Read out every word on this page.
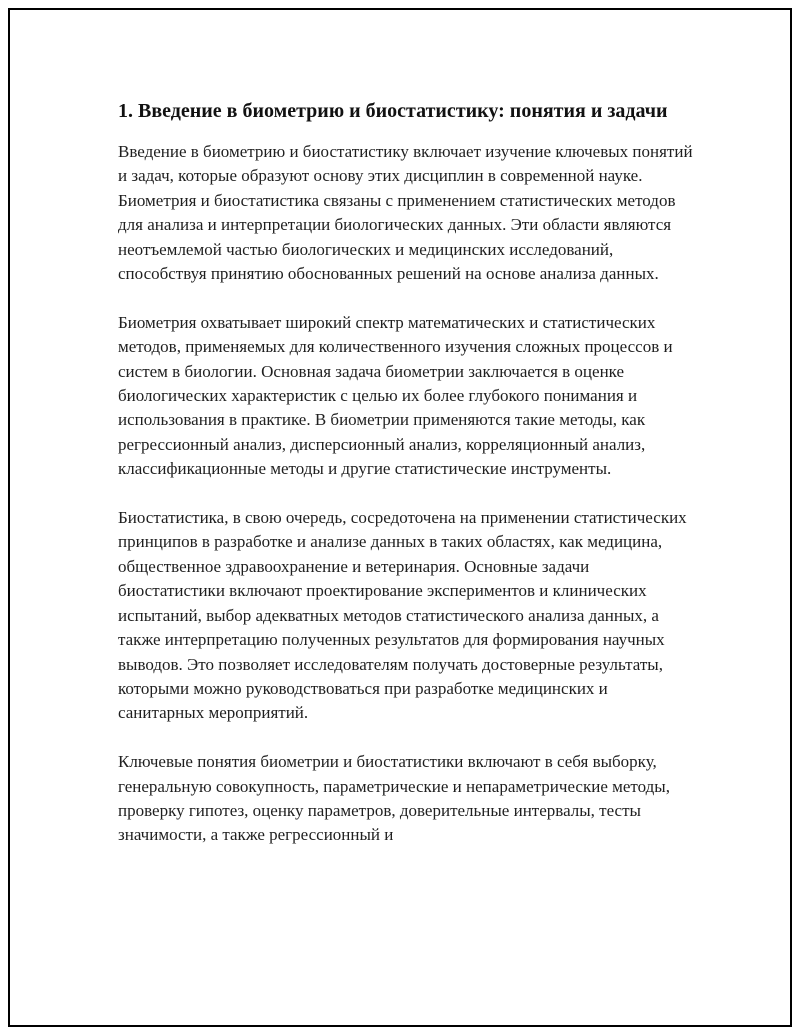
1. Введение в биометрию и биостатистику: понятия и задачи

Введение в биометрию и биостатистику включает изучение ключевых понятий и задач, которые образуют основу этих дисциплин в современной науке. Биометрия и биостатистика связаны с применением статистических методов для анализа и интерпретации биологических данных. Эти области являются неотъемлемой частью биологических и медицинских исследований, способствуя принятию обоснованных решений на основе анализа данных.

Биометрия охватывает широкий спектр математических и статистических методов, применяемых для количественного изучения сложных процессов и систем в биологии. Основная задача биометрии заключается в оценке биологических характеристик с целью их более глубокого понимания и использования в практике. В биометрии применяются такие методы, как регрессионный анализ, дисперсионный анализ, корреляционный анализ, классификационные методы и другие статистические инструменты.

Биостатистика, в свою очередь, сосредоточена на применении статистических принципов в разработке и анализе данных в таких областях, как медицина, общественное здравоохранение и ветеринария. Основные задачи биостатистики включают проектирование экспериментов и клинических испытаний, выбор адекватных методов статистического анализа данных, а также интерпретацию полученных результатов для формирования научных выводов. Это позволяет исследователям получать достоверные результаты, которыми можно руководствоваться при разработке медицинских и санитарных мероприятий.

Ключевые понятия биометрии и биостатистики включают в себя выборку, генеральную совокупность, параметрические и непараметрические методы, проверку гипотез, оценку параметров, доверительные интервалы, тесты значимости, а также регрессионный и
